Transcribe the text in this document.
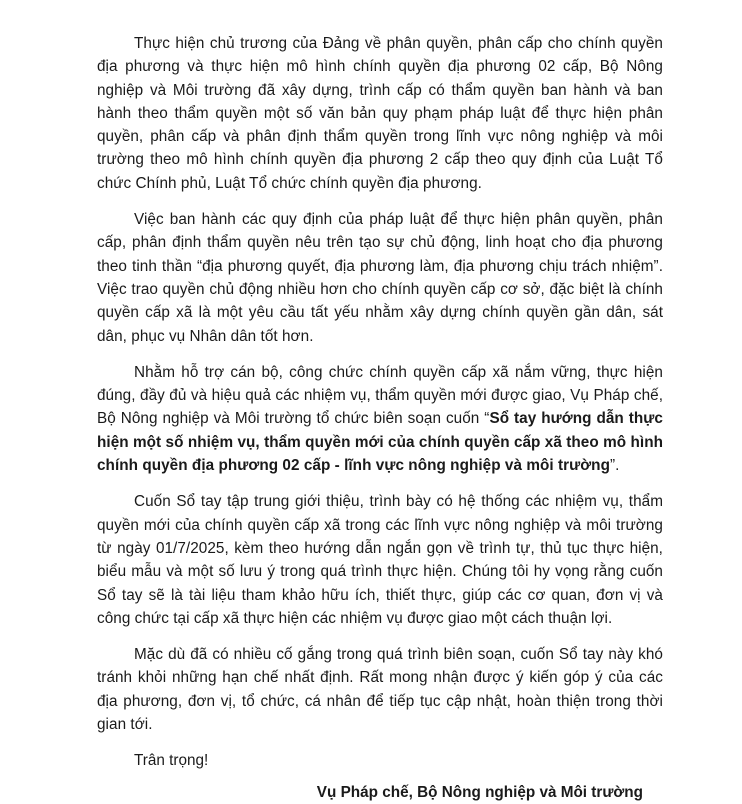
Thực hiện chủ trương của Đảng về phân quyền, phân cấp cho chính quyền địa phương và thực hiện mô hình chính quyền địa phương 02 cấp, Bộ Nông nghiệp và Môi trường đã xây dựng, trình cấp có thẩm quyền ban hành và ban hành theo thẩm quyền một số văn bản quy phạm pháp luật để thực hiện phân quyền, phân cấp và phân định thẩm quyền trong lĩnh vực nông nghiệp và môi trường theo mô hình chính quyền địa phương 2 cấp theo quy định của Luật Tổ chức Chính phủ, Luật Tổ chức chính quyền địa phương.

Việc ban hành các quy định của pháp luật để thực hiện phân quyền, phân cấp, phân định thẩm quyền nêu trên tạo sự chủ động, linh hoạt cho địa phương theo tinh thần “địa phương quyết, địa phương làm, địa phương chịu trách nhiệm”. Việc trao quyền chủ động nhiều hơn cho chính quyền cấp cơ sở, đặc biệt là chính quyền cấp xã là một yêu cầu tất yếu nhằm xây dựng chính quyền gần dân, sát dân, phục vụ Nhân dân tốt hơn.

Nhằm hỗ trợ cán bộ, công chức chính quyền cấp xã nắm vững, thực hiện đúng, đầy đủ và hiệu quả các nhiệm vụ, thẩm quyền mới được giao, Vụ Pháp chế, Bộ Nông nghiệp và Môi trường tổ chức biên soạn cuốn “Sổ tay hướng dẫn thực hiện một số nhiệm vụ, thẩm quyền mới của chính quyền cấp xã theo mô hình chính quyền địa phương 02 cấp - lĩnh vực nông nghiệp và môi trường”.

Cuốn Sổ tay tập trung giới thiệu, trình bày có hệ thống các nhiệm vụ, thẩm quyền mới của chính quyền cấp xã trong các lĩnh vực nông nghiệp và môi trường từ ngày 01/7/2025, kèm theo hướng dẫn ngắn gọn về trình tự, thủ tục thực hiện, biểu mẫu và một số lưu ý trong quá trình thực hiện. Chúng tôi hy vọng rằng cuốn Sổ tay sẽ là tài liệu tham khảo hữu ích, thiết thực, giúp các cơ quan, đơn vị và công chức tại cấp xã thực hiện các nhiệm vụ được giao một cách thuận lợi.

Mặc dù đã có nhiều cố gắng trong quá trình biên soạn, cuốn Sổ tay này khó tránh khỏi những hạn chế nhất định. Rất mong nhận được ý kiến góp ý của các địa phương, đơn vị, tổ chức, cá nhân để tiếp tục cập nhật, hoàn thiện trong thời gian tới.

Trân trọng!

Vụ Pháp chế, Bộ Nông nghiệp và Môi trường
